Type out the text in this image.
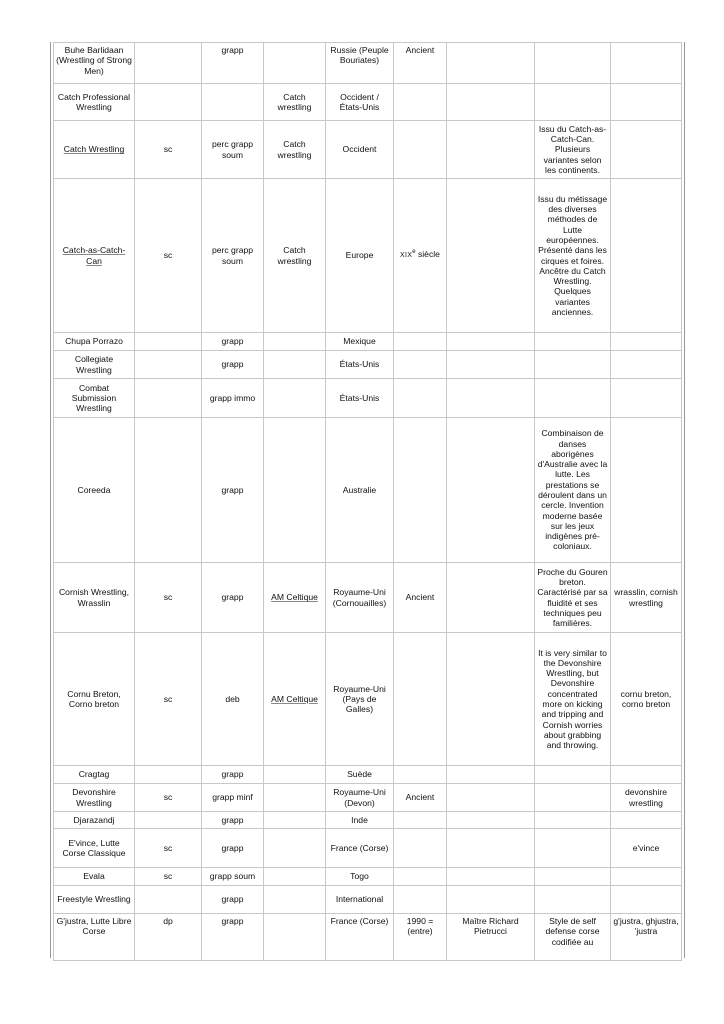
Buhe Barlidaan (Wrestling of Strong Men)		grapp		Russie (Peuple Bouriates)	Ancient			
Catch Professional Wrestling			Catch wrestling	Occident / États-Unis				
Catch Wrestling	sc	perc grapp soum	Catch wrestling	Occident			Issu du Catch-as-Catch-Can. Plusieurs variantes selon les continents.	
Catch-as-Catch-Can	sc	perc grapp soum	Catch wrestling	Europe	XIXe siècle		Issu du métissage des diverses méthodes de Lutte européennes. Présenté dans les cirques et foires. Ancêtre du Catch Wrestling. Quelques variantes anciennes.	
Chupa Porrazo		grapp		Mexique				
Collegiate Wrestling		grapp		États-Unis				
Combat Submission Wrestling		grapp immo		États-Unis				
Coreeda		grapp		Australie			Combinaison de danses aborigènes d'Australie avec la lutte. Les prestations se déroulent dans un cercle. Invention moderne basée sur les jeux indigènes pré-coloniaux.	
Cornish Wrestling, Wrasslin	sc	grapp	AM Celtique	Royaume-Uni (Cornouailles)	Ancient		Proche du Gouren breton. Caractérisé par sa fluidité et ses techniques peu familières.	wrasslin, cornish wrestling
Cornu Breton, Corno breton	sc	deb	AM Celtique	Royaume-Uni (Pays de Galles)			It is very similar to the Devonshire Wrestling, but Devonshire concentrated more on kicking and tripping and Cornish worries about grabbing and throwing.	cornu breton, corno breton
Cragtag		grapp		Suède				
Devonshire Wrestling	sc	grapp minf		Royaume-Uni (Devon)	Ancient			devonshire wrestling
Djarazandj		grapp		Inde				
E'vince, Lutte Corse Classique	sc	grapp		France (Corse)				e'vince
Evala	sc	grapp soum		Togo				
Freestyle Wrestling		grapp		International				
G'justra, Lutte Libre Corse	dp	grapp		France (Corse)	1990 = (entre)	Maître Richard Pietrucci	Style de self defense corse codifiée au	g'justra, ghjustra, 'justra
